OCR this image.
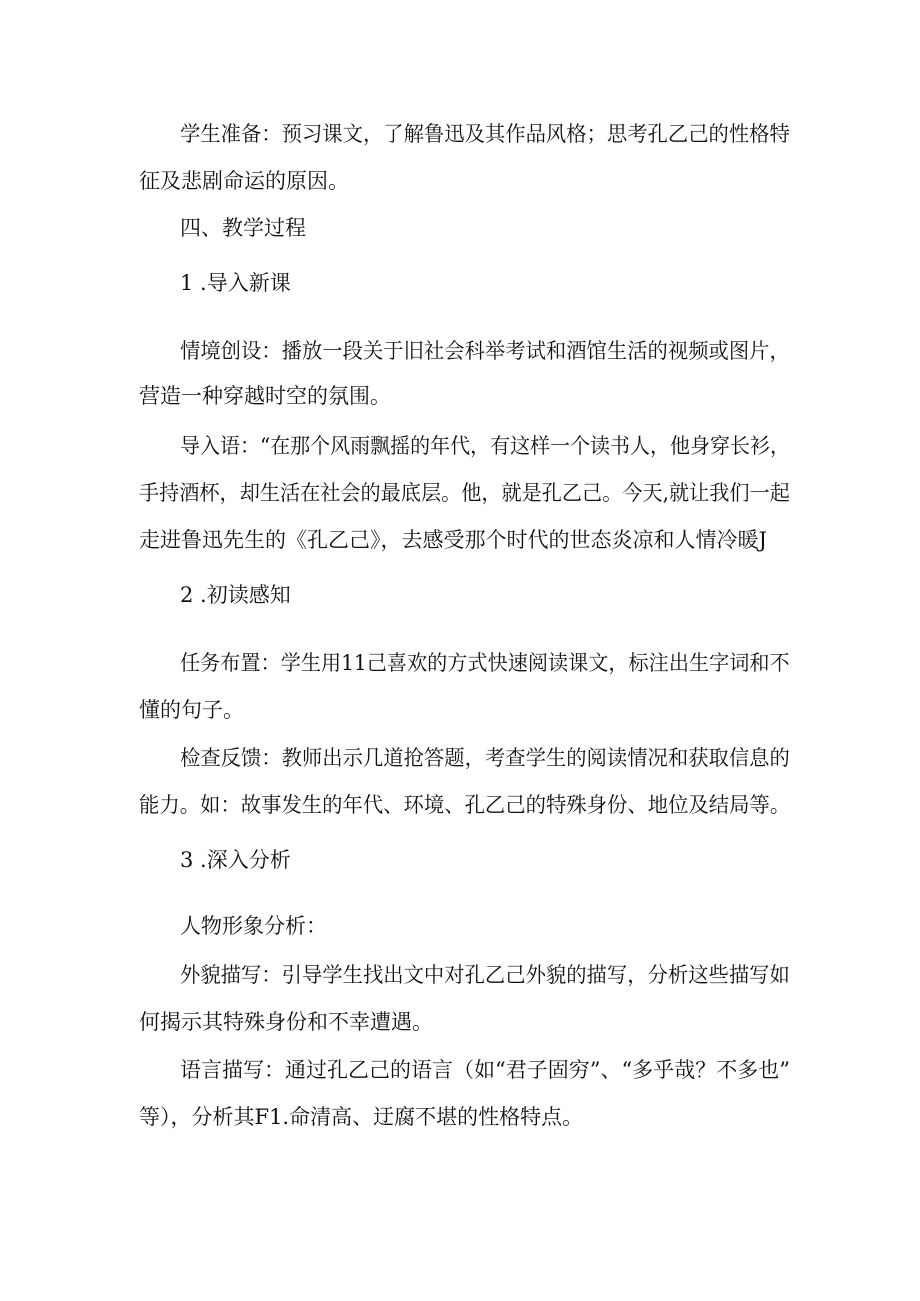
学生准备：预习课文，了解鲁迅及其作品风格；思考孔乙己的性格特
征及悲剧命运的原因。
四、教学过程
1 .导入新课
情境创设：播放一段关于旧社会科举考试和酒馆生活的视频或图片，
营造一种穿越时空的氛围。
导入语：“在那个风雨飘摇的年代，有这样一个读书人，他身穿长衫，
手持酒杯，却生活在社会的最底层。他，就是孔乙己。今天,就让我们一起
走进鲁迅先生的《孔乙己》，去感受那个时代的世态炎凉和人情冷暖J
2 .初读感知
任务布置：学生用11己喜欢的方式快速阅读课文，标注出生字词和不
懂的句子。
检查反馈：教师出示几道抢答题，考查学生的阅读情况和获取信息的
能力。如：故事发生的年代、环境、孔乙己的特殊身份、地位及结局等。
3 .深入分析
人物形象分析：
外貌描写：引导学生找出文中对孔乙己外貌的描写，分析这些描写如
何揭示其特殊身份和不幸遭遇。
语言描写：通过孔乙己的语言（如“君子固穷”、“多乎哉？不多也”
等），分析其F1.命清高、迂腐不堪的性格特点。
